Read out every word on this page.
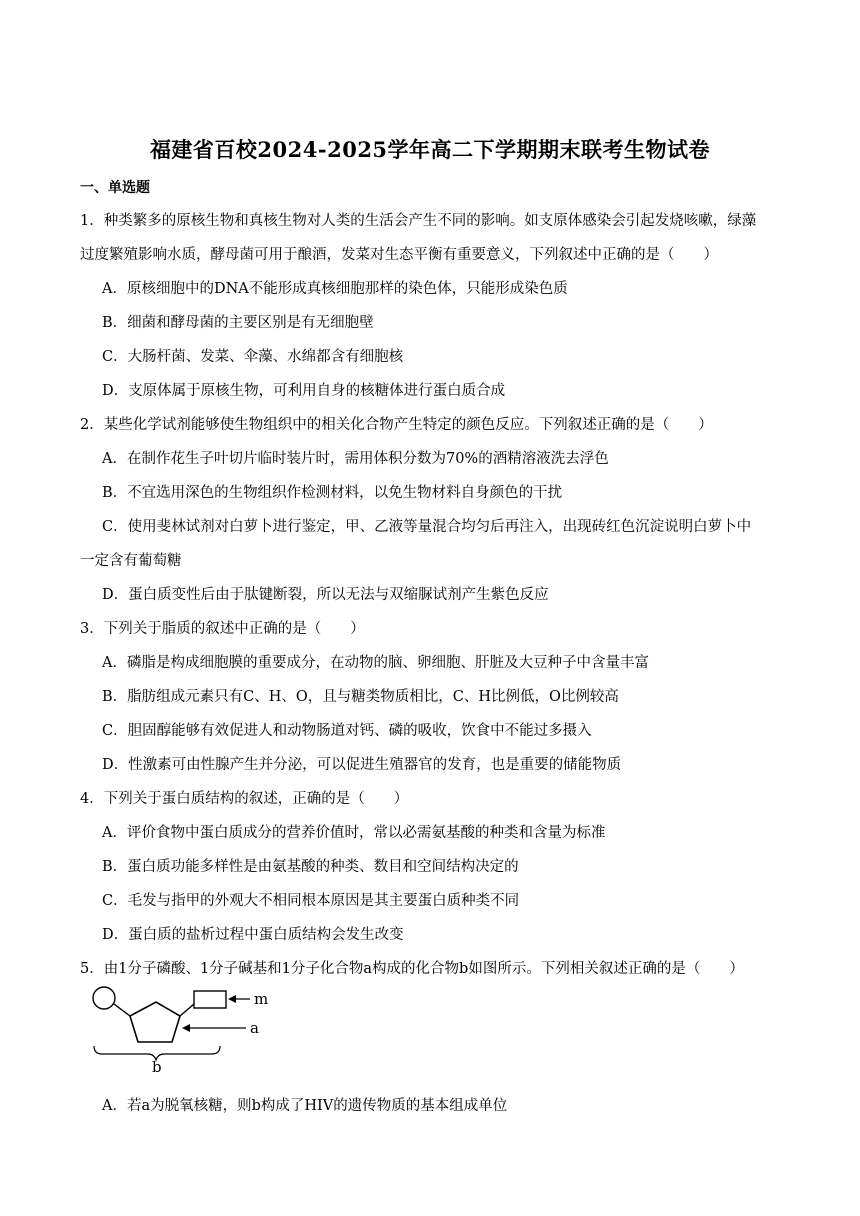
福建省百校2024-2025学年高二下学期期末联考生物试卷
一、单选题
1．种类繁多的原核生物和真核生物对人类的生活会产生不同的影响。如支原体感染会引起发烧咳嗽，绿藻
过度繁殖影响水质，酵母菌可用于酿酒，发菜对生态平衡有重要意义，下列叙述中正确的是（　　）
A．原核细胞中的DNA不能形成真核细胞那样的染色体，只能形成染色质
B．细菌和酵母菌的主要区别是有无细胞壁
C．大肠杆菌、发菜、伞藻、水绵都含有细胞核
D．支原体属于原核生物，可利用自身的核糖体进行蛋白质合成
2．某些化学试剂能够使生物组织中的相关化合物产生特定的颜色反应。下列叙述正确的是（　　）
A．在制作花生子叶切片临时装片时，需用体积分数为70%的酒精溶液洗去浮色
B．不宜选用深色的生物组织作检测材料，以免生物材料自身颜色的干扰
C．使用斐林试剂对白萝卜进行鉴定，甲、乙液等量混合均匀后再注入，出现砖红色沉淀说明白萝卜中
一定含有葡萄糖
D．蛋白质变性后由于肽键断裂，所以无法与双缩脲试剂产生紫色反应
3．下列关于脂质的叙述中正确的是（　　）
A．磷脂是构成细胞膜的重要成分，在动物的脑、卵细胞、肝脏及大豆种子中含量丰富
B．脂肪组成元素只有C、H、O，且与糖类物质相比，C、H比例低，O比例较高
C．胆固醇能够有效促进人和动物肠道对钙、磷的吸收，饮食中不能过多摄入
D．性激素可由性腺产生并分泌，可以促进生殖器官的发育，也是重要的储能物质
4．下列关于蛋白质结构的叙述，正确的是（　　）
A．评价食物中蛋白质成分的营养价值时，常以必需氨基酸的种类和含量为标准
B．蛋白质功能多样性是由氨基酸的种类、数目和空间结构决定的
C．毛发与指甲的外观大不相同根本原因是其主要蛋白质种类不同
D．蛋白质的盐析过程中蛋白质结构会发生改变
5．由1分子磷酸、1分子碱基和1分子化合物a构成的化合物b如图所示。下列相关叙述正确的是（　　）
m
a
b
A．若a为脱氧核糖，则b构成了HIV的遗传物质的基本组成单位
